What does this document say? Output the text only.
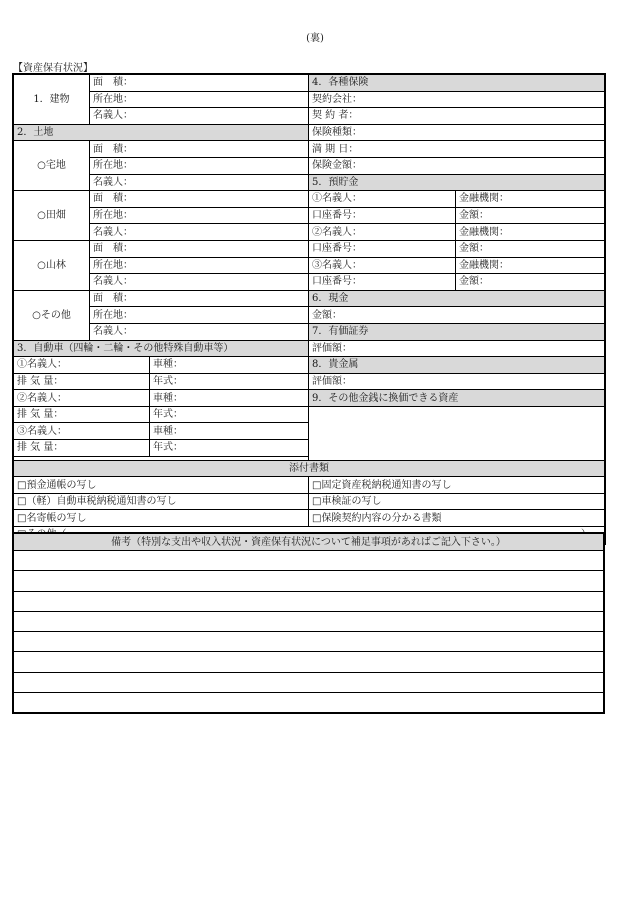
(裏)
【資産保有状況】
1．建物	面　積：		4．各種保険	
	所在地：		契約会社：	
	名義人：		契 約 者：	
2．土地			保険種類：	
○宅地	面　積：		満 期 日：	
	所在地：		保険金額：	
	名義人：		5．預貯金	
○田畑	面　積：		①名義人：	金融機関：
	所在地：		口座番号：	金額：
	名義人：		②名義人：	金融機関：
○山林	面　積：		口座番号：	金額：
	所在地：		③名義人：	金融機関：
	名義人：		口座番号：	金額：
○その他	面　積：		6．現金	
	所在地：		金額：	
	名義人：		7．有価証券	
3．自動車（四輪・二輪・その他特殊自動車等）			評価額：	
①名義人：		車種：	8．貴金属	
排 気 量：		年式：	評価額：	
②名義人：		車種：	9．その他金銭に換価できる資産	
排 気 量：		年式：		
③名義人：		車種：		
排 気 量：		年式：		

添付書類				
□預金通帳の写し			□固定資産税納税通知書の写し	
□（軽）自動車税納税通知書の写し			□車検証の写し	
□名寄帳の写し			□保険契約内容の分かる書類	

備考（特別な支出や収入状況・資産保有状況について補足事項があればご記入下さい。）
